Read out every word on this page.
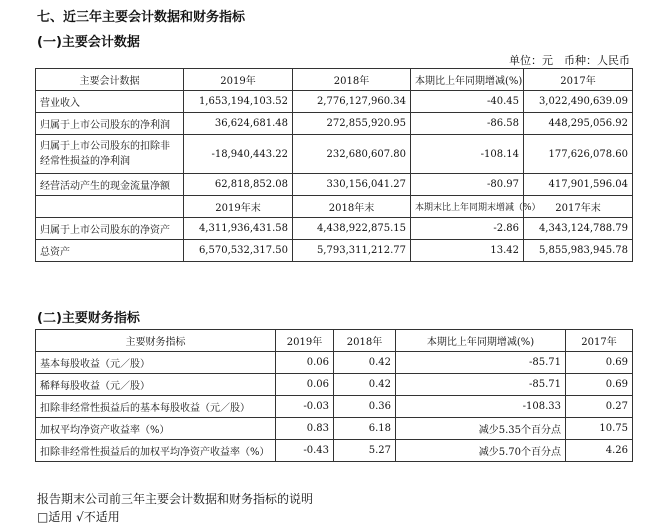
七、近三年主要会计数据和财务指标
(一)主要会计数据
单位：元　币种：人民币
主要会计数据	2019年	2018年	本期比上年同期增减(%)	2017年
营业收入	1,653,194,103.52	2,776,127,960.34	-40.45	3,022,490,639.09
归属于上市公司股东的净利润	36,624,681.48	272,855,920.95	-86.58	448,295,056.92
归属于上市公司股东的扣除非经常性损益的净利润	-18,940,443.22	232,680,607.80	-108.14	177,626,078.60
经营活动产生的现金流量净额	62,818,852.08	330,156,041.27	-80.97	417,901,596.04
	2019年末	2018年末	本期末比上年同期末增减（%）	2017年末
归属于上市公司股东的净资产	4,311,936,431.58	4,438,922,875.15	-2.86	4,343,124,788.79
总资产	6,570,532,317.50	5,793,311,212.77	13.42	5,855,983,945.78
(二)主要财务指标
主要财务指标	2019年	2018年	本期比上年同期增减(%)	2017年
基本每股收益（元／股）	0.06	0.42	-85.71	0.69
稀释每股收益（元／股）	0.06	0.42	-85.71	0.69
扣除非经常性损益后的基本每股收益（元／股）	-0.03	0.36	-108.33	0.27
加权平均净资产收益率（%）	0.83	6.18	减少5.35个百分点	10.75
扣除非经常性损益后的加权平均净资产收益率（%）	-0.43	5.27	减少5.70个百分点	4.26
报告期末公司前三年主要会计数据和财务指标的说明
□适用 √不适用
